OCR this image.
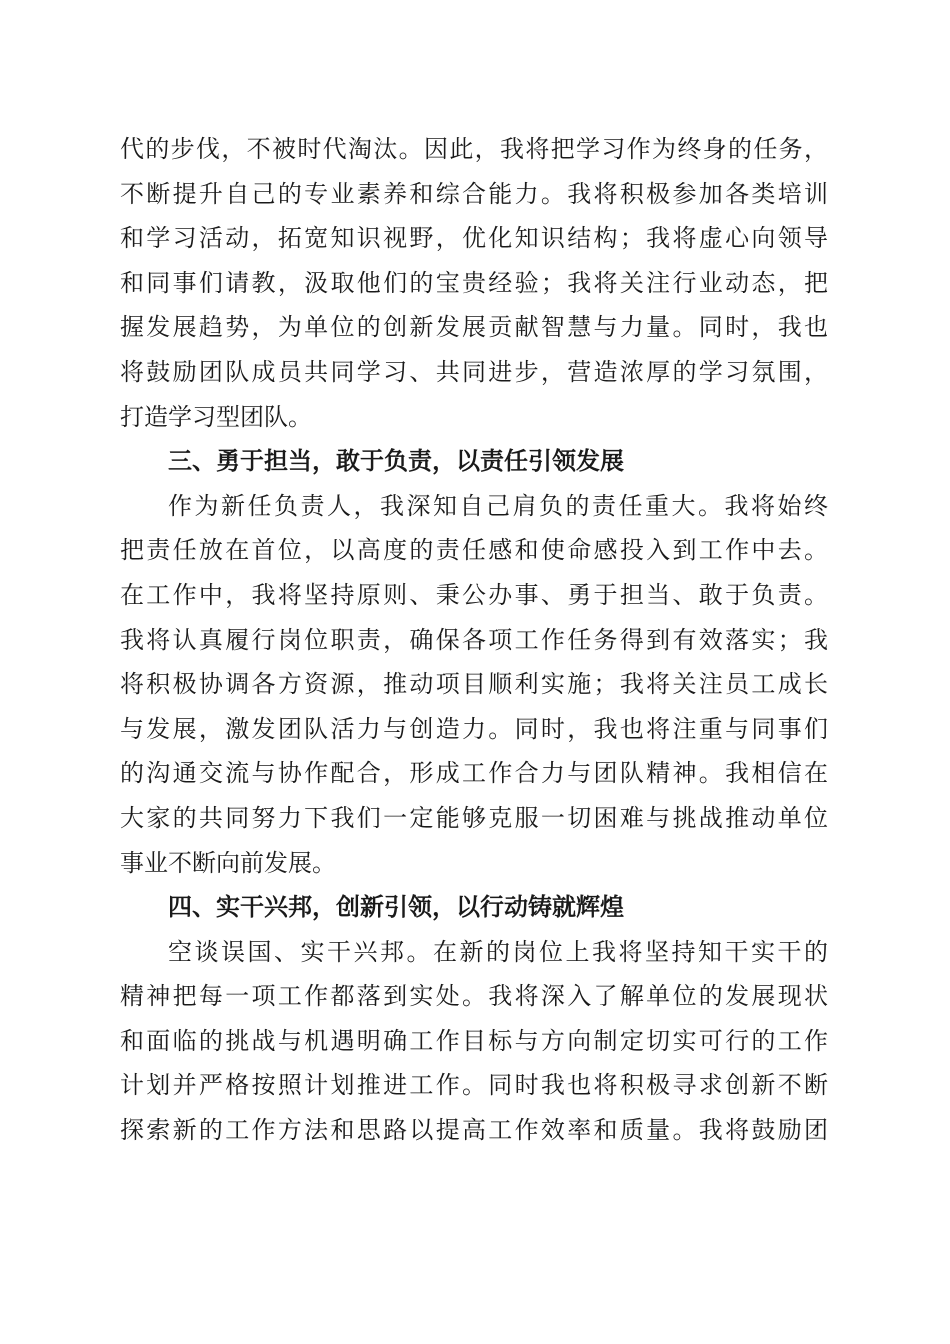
代的步伐，不被时代淘汰。因此，我将把学习作为终身的任务，
不断提升自己的专业素养和综合能力。我将积极参加各类培训
和学习活动，拓宽知识视野，优化知识结构；我将虚心向领导
和同事们请教，汲取他们的宝贵经验；我将关注行业动态，把
握发展趋势，为单位的创新发展贡献智慧与力量。同时，我也
将鼓励团队成员共同学习、共同进步，营造浓厚的学习氛围，
打造学习型团队。
三、勇于担当，敢于负责，以责任引领发展
作为新任负责人，我深知自己肩负的责任重大。我将始终
把责任放在首位，以高度的责任感和使命感投入到工作中去。
在工作中，我将坚持原则、秉公办事、勇于担当、敢于负责。
我将认真履行岗位职责，确保各项工作任务得到有效落实；我
将积极协调各方资源，推动项目顺利实施；我将关注员工成长
与发展，激发团队活力与创造力。同时，我也将注重与同事们
的沟通交流与协作配合，形成工作合力与团队精神。我相信在
大家的共同努力下我们一定能够克服一切困难与挑战推动单位
事业不断向前发展。
四、实干兴邦，创新引领，以行动铸就辉煌
空谈误国、实干兴邦。在新的岗位上我将坚持知干实干的
精神把每一项工作都落到实处。我将深入了解单位的发展现状
和面临的挑战与机遇明确工作目标与方向制定切实可行的工作
计划并严格按照计划推进工作。同时我也将积极寻求创新不断
探索新的工作方法和思路以提高工作效率和质量。我将鼓励团
